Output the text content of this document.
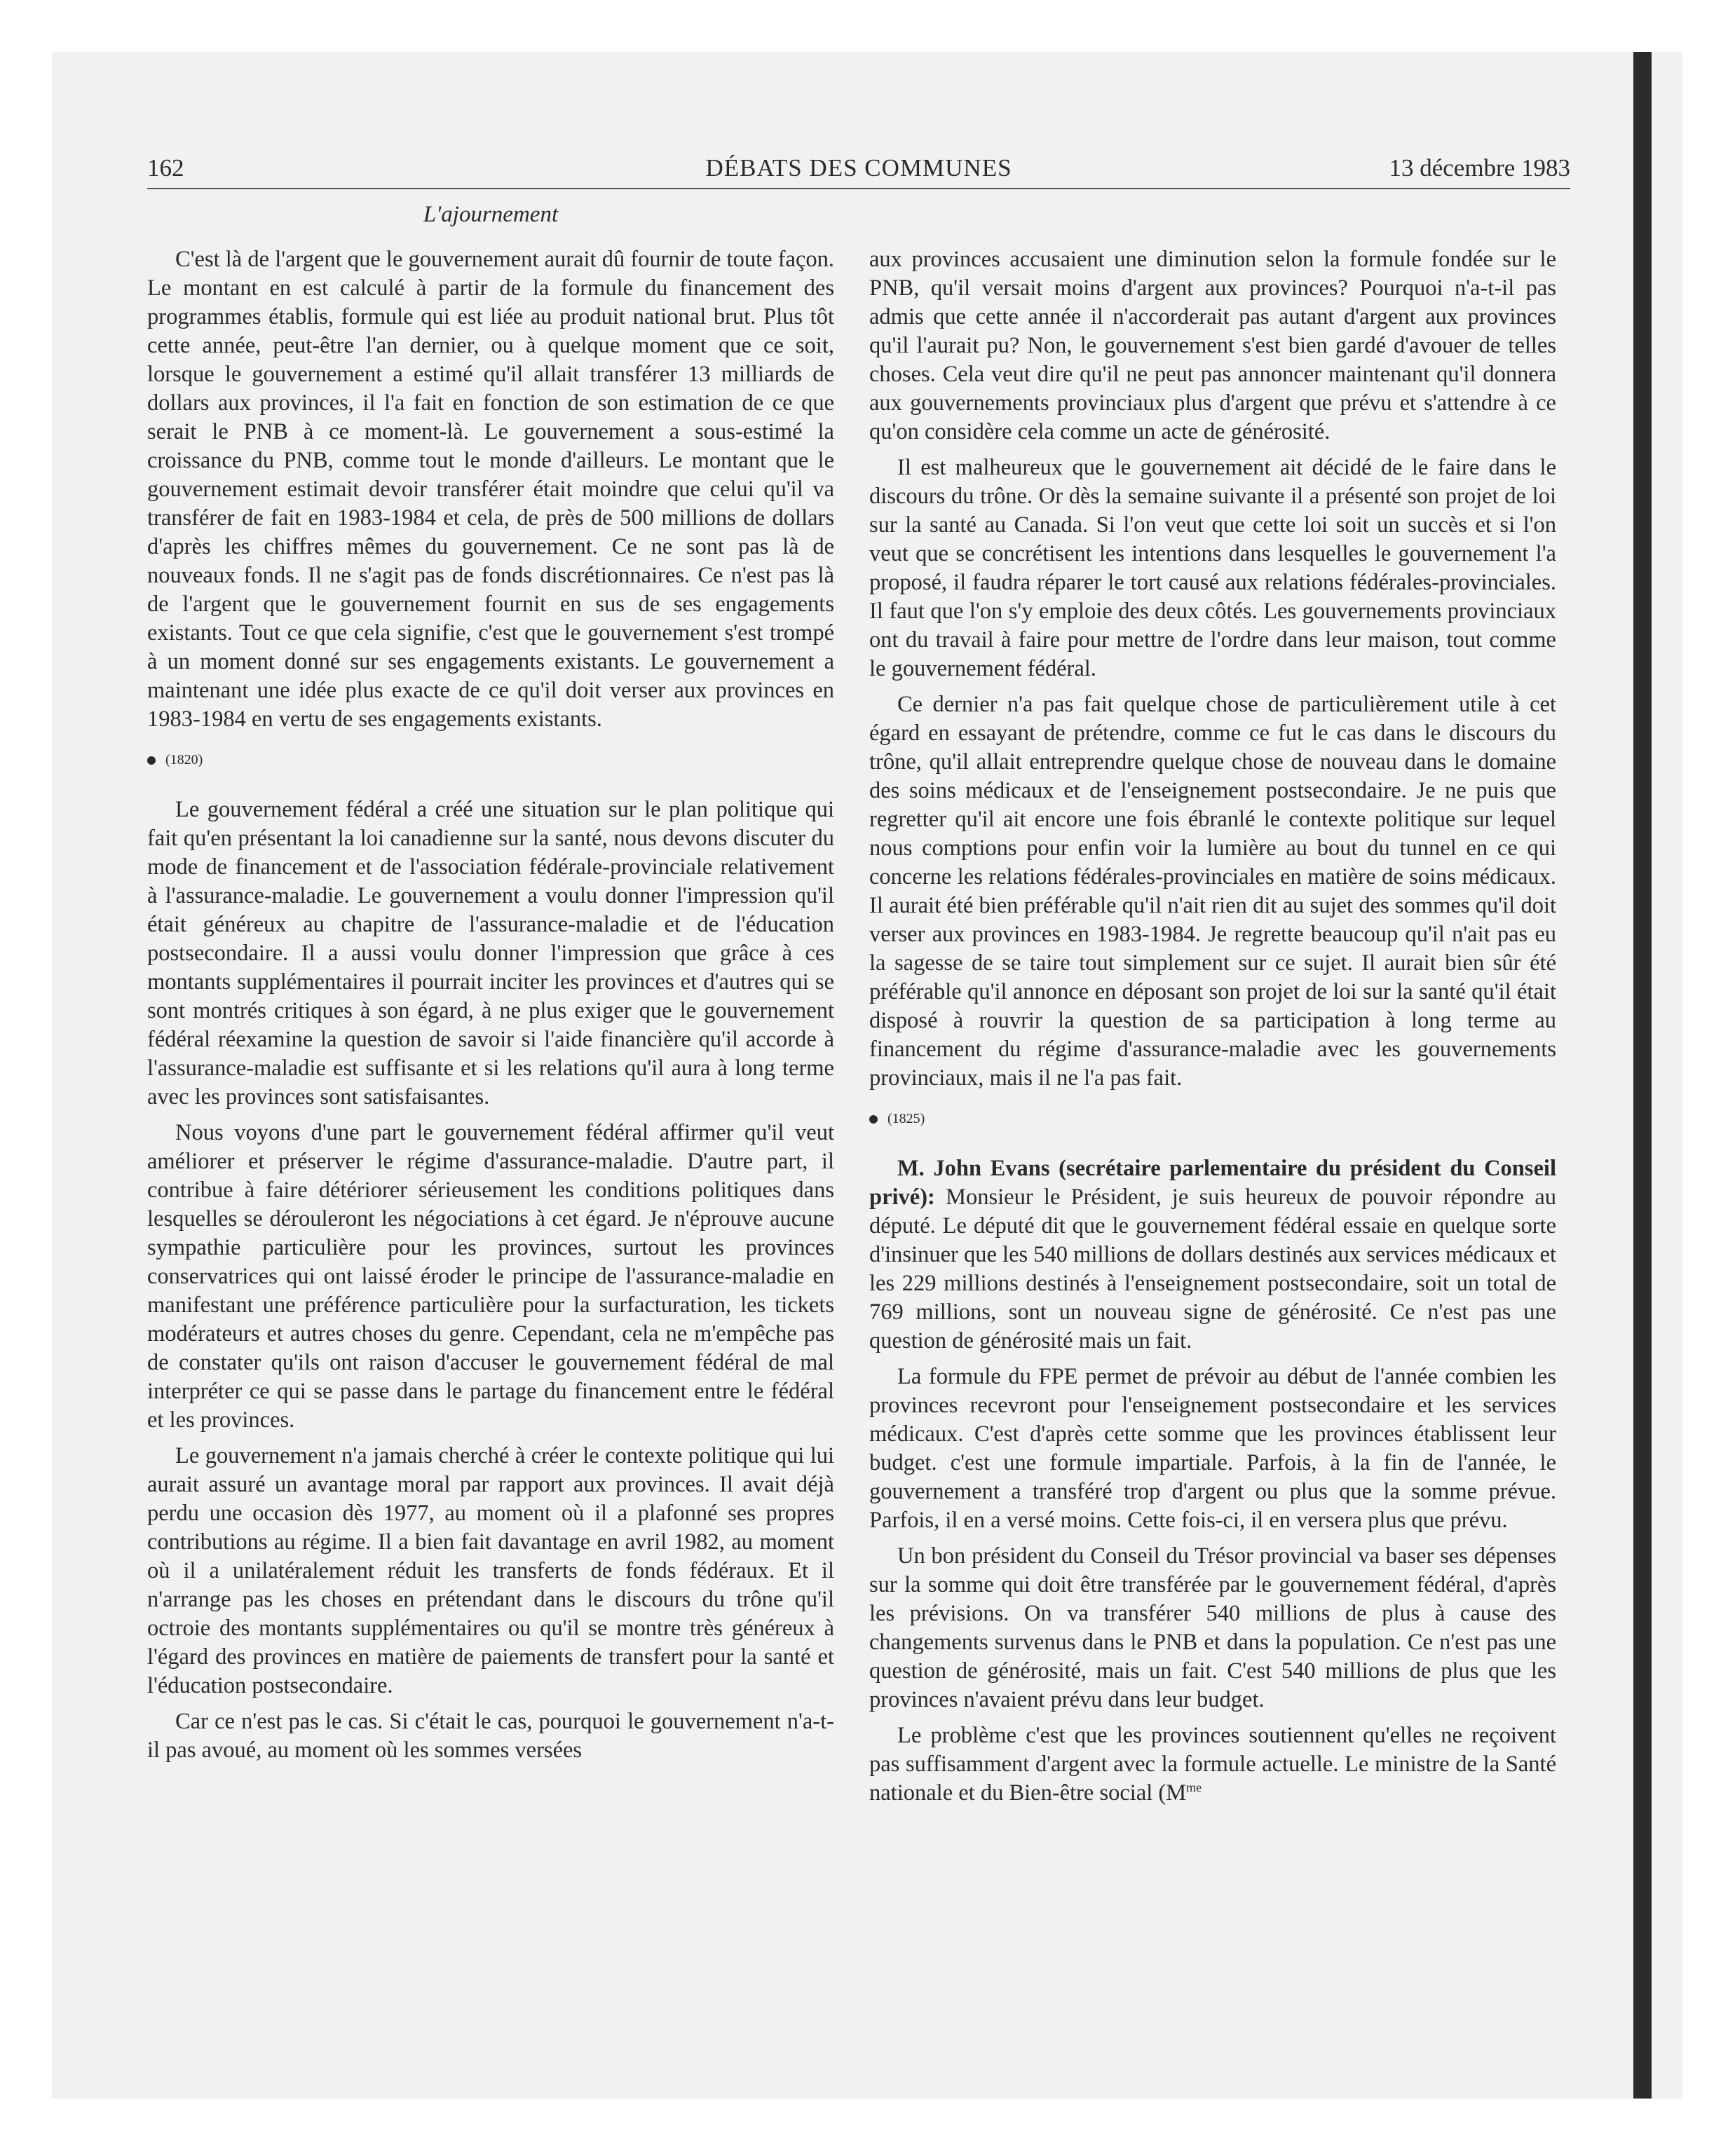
162	DÉBATS DES COMMUNES	13 décembre 1983
L'ajournement

C'est là de l'argent que le gouvernement aurait dû fournir de toute façon. Le montant en est calculé à partir de la formule du financement des programmes établis, formule qui est liée au produit national brut. Plus tôt cette année, peut-être l'an dernier, ou à quelque moment que ce soit, lorsque le gouvernement a estimé qu'il allait transférer 13 milliards de dollars aux provinces, il l'a fait en fonction de son estimation de ce que serait le PNB à ce moment-là. Le gouvernement a sous-estimé la croissance du PNB, comme tout le monde d'ailleurs. Le montant que le gouvernement estimait devoir transférer était moindre que celui qu'il va transférer de fait en 1983-1984 et cela, de près de 500 millions de dollars d'après les chiffres mêmes du gouvernement. Ce ne sont pas là de nouveaux fonds. Il ne s'agit pas de fonds discrétionnaires. Ce n'est pas là de l'argent que le gouvernement fournit en sus de ses engagements existants. Tout ce que cela signifie, c'est que le gouvernement s'est trompé à un moment donné sur ses engagements existants. Le gouvernement a maintenant une idée plus exacte de ce qu'il doit verser aux provinces en 1983-1984 en vertu de ses engagements existants.

(1820)

Le gouvernement fédéral a créé une situation sur le plan politique qui fait qu'en présentant la loi canadienne sur la santé, nous devons discuter du mode de financement et de l'association fédérale-provinciale relativement à l'assurance-maladie. Le gouvernement a voulu donner l'impression qu'il était généreux au chapitre de l'assurance-maladie et de l'éducation postsecondaire. Il a aussi voulu donner l'impression que grâce à ces montants supplémentaires il pourrait inciter les provinces et d'autres qui se sont montrés critiques à son égard, à ne plus exiger que le gouvernement fédéral réexamine la question de savoir si l'aide financière qu'il accorde à l'assurance-maladie est suffisante et si les relations qu'il aura à long terme avec les provinces sont satisfaisantes.

Nous voyons d'une part le gouvernement fédéral affirmer qu'il veut améliorer et préserver le régime d'assurance-maladie. D'autre part, il contribue à faire détériorer sérieusement les conditions politiques dans lesquelles se dérouleront les négociations à cet égard. Je n'éprouve aucune sympathie particulière pour les provinces, surtout les provinces conservatrices qui ont laissé éroder le principe de l'assurance-maladie en manifestant une préférence particulière pour la surfacturation, les tickets modérateurs et autres choses du genre. Cependant, cela ne m'empêche pas de constater qu'ils ont raison d'accuser le gouvernement fédéral de mal interpréter ce qui se passe dans le partage du financement entre le fédéral et les provinces.

Le gouvernement n'a jamais cherché à créer le contexte politique qui lui aurait assuré un avantage moral par rapport aux provinces. Il avait déjà perdu une occasion dès 1977, au moment où il a plafonné ses propres contributions au régime. Il a bien fait davantage en avril 1982, au moment où il a unilatéralement réduit les transferts de fonds fédéraux. Et il n'arrange pas les choses en prétendant dans le discours du trône qu'il octroie des montants supplémentaires ou qu'il se montre très généreux à l'égard des provinces en matière de paiements de transfert pour la santé et l'éducation postsecondaire.

Car ce n'est pas le cas. Si c'était le cas, pourquoi le gouvernement n'a-t-il pas avoué, au moment où les sommes versées

aux provinces accusaient une diminution selon la formule fondée sur le PNB, qu'il versait moins d'argent aux provinces? Pourquoi n'a-t-il pas admis que cette année il n'accorderait pas autant d'argent aux provinces qu'il l'aurait pu? Non, le gouvernement s'est bien gardé d'avouer de telles choses. Cela veut dire qu'il ne peut pas annoncer maintenant qu'il donnera aux gouvernements provinciaux plus d'argent que prévu et s'attendre à ce qu'on considère cela comme un acte de générosité.

Il est malheureux que le gouvernement ait décidé de le faire dans le discours du trône. Or dès la semaine suivante il a présenté son projet de loi sur la santé au Canada. Si l'on veut que cette loi soit un succès et si l'on veut que se concrétisent les intentions dans lesquelles le gouvernement l'a proposé, il faudra réparer le tort causé aux relations fédérales-provinciales. Il faut que l'on s'y emploie des deux côtés. Les gouvernements provinciaux ont du travail à faire pour mettre de l'ordre dans leur maison, tout comme le gouvernement fédéral.

Ce dernier n'a pas fait quelque chose de particulièrement utile à cet égard en essayant de prétendre, comme ce fut le cas dans le discours du trône, qu'il allait entreprendre quelque chose de nouveau dans le domaine des soins médicaux et de l'enseignement postsecondaire. Je ne puis que regretter qu'il ait encore une fois ébranlé le contexte politique sur lequel nous comptions pour enfin voir la lumière au bout du tunnel en ce qui concerne les relations fédérales-provinciales en matière de soins médicaux. Il aurait été bien préférable qu'il n'ait rien dit au sujet des sommes qu'il doit verser aux provinces en 1983-1984. Je regrette beaucoup qu'il n'ait pas eu la sagesse de se taire tout simplement sur ce sujet. Il aurait bien sûr été préférable qu'il annonce en déposant son projet de loi sur la santé qu'il était disposé à rouvrir la question de sa participation à long terme au financement du régime d'assurance-maladie avec les gouvernements provinciaux, mais il ne l'a pas fait.

(1825)

M. John Evans (secrétaire parlementaire du président du Conseil privé): Monsieur le Président, je suis heureux de pouvoir répondre au député. Le député dit que le gouvernement fédéral essaie en quelque sorte d'insinuer que les 540 millions de dollars destinés aux services médicaux et les 229 millions destinés à l'enseignement postsecondaire, soit un total de 769 millions, sont un nouveau signe de générosité. Ce n'est pas une question de générosité mais un fait.

La formule du FPE permet de prévoir au début de l'année combien les provinces recevront pour l'enseignement postsecondaire et les services médicaux. C'est d'après cette somme que les provinces établissent leur budget. c'est une formule impartiale. Parfois, à la fin de l'année, le gouvernement a transféré trop d'argent ou plus que la somme prévue. Parfois, il en a versé moins. Cette fois-ci, il en versera plus que prévu.

Un bon président du Conseil du Trésor provincial va baser ses dépenses sur la somme qui doit être transférée par le gouvernement fédéral, d'après les prévisions. On va transférer 540 millions de plus à cause des changements survenus dans le PNB et dans la population. Ce n'est pas une question de générosité, mais un fait. C'est 540 millions de plus que les provinces n'avaient prévu dans leur budget.

Le problème c'est que les provinces soutiennent qu'elles ne reçoivent pas suffisamment d'argent avec la formule actuelle. Le ministre de la Santé nationale et du Bien-être social ($M^{me}$
